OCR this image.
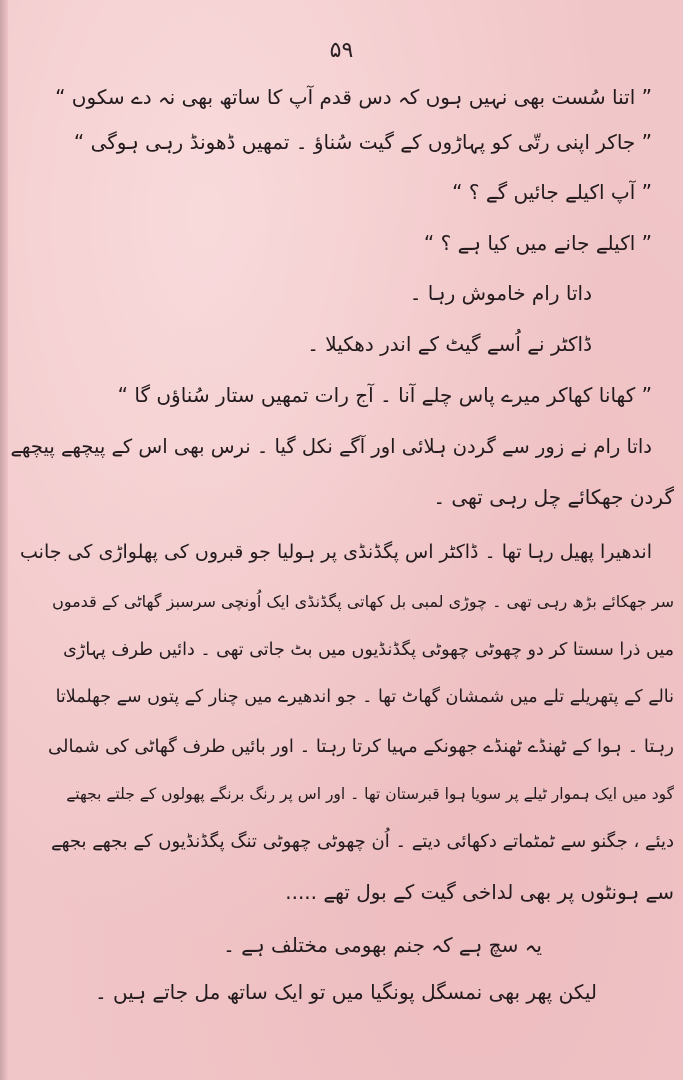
۵۹
” اتنا سُست بھی نہیں ہوں کہ دس قدم آپ کا ساتھ بھی نہ دے سکوں “
” جاکر اپنی رتّی کو پہاڑوں کے گیت سُناؤ ۔ تمھیں ڈھونڈ رہی ہوگی “
” آپ اکیلے جائیں گے ؟ “
” اکیلے جانے میں کیا ہے ؟ “
داتا رام خاموش رہا ۔
ڈاکٹر نے اُسے گیٹ کے اندر دھکیلا ۔
” کھانا کھاکر میرے پاس چلے آنا ۔ آج رات تمھیں ستار سُناؤں گا “
داتا رام نے زور سے گردن ہلائی اور آگے نکل گیا ۔ نرس بھی اس کے پیچھے پیچھے
گردن جھکائے چل رہی تھی ۔
اندھیرا پھیل رہا تھا ۔ ڈاکٹر اس پگڈنڈی پر ہولیا جو قبروں کی پھلواڑی کی جانب
سر جھکائے بڑھ رہی تھی ۔ چوڑی لمبی بل کھاتی پگڈنڈی ایک اُونچی سرسبز گھاٹی کے قدموں
میں ذرا سستا کر دو چھوٹی چھوٹی پگڈنڈیوں میں بٹ جاتی تھی ۔ دائیں طرف پہاڑی
نالے کے پتھریلے تلے میں شمشان گھاٹ تھا ۔ جو اندھیرے میں چنار کے پتوں سے جھلملاتا
رہتا ۔ ہوا کے ٹھنڈے ٹھنڈے جھونکے مہیا کرتا رہتا ۔ اور بائیں طرف گھاٹی کی شمالی
گود میں ایک ہموار ٹیلے پر سویا ہوا قبرستان تھا ۔ اور اس پر رنگ برنگے پھولوں کے جلتے بجھتے
دیئے ، جگنو سے ٹمٹماتے دکھائی دیتے ۔ اُن چھوٹی چھوٹی تنگ پگڈنڈیوں کے بجھے بجھے
سے ہونٹوں پر بھی لداخی گیت کے بول تھے .....
یہ سچ ہے کہ جنم بھومی مختلف ہے ۔
لیکن پھر بھی نمسگل پونگیا میں تو ایک ساتھ مل جاتے ہیں ۔
